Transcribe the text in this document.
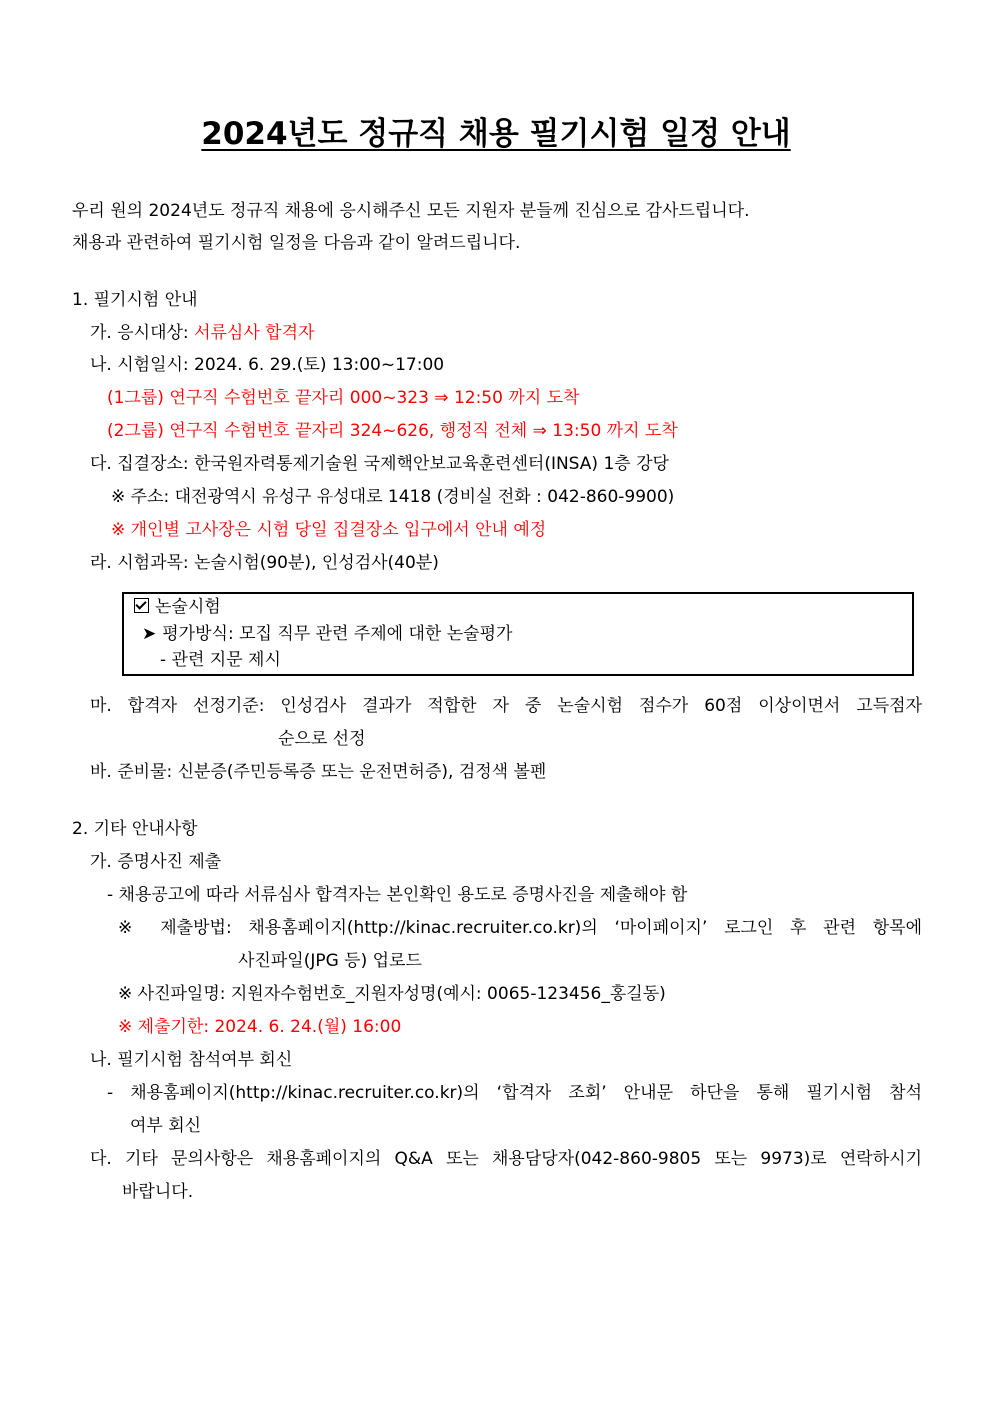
2024년도 정규직 채용 필기시험 일정 안내
우리 원의 2024년도 정규직 채용에 응시해주신 모든 지원자 분들께 진심으로 감사드립니다.
채용과 관련하여 필기시험 일정을 다음과 같이 알려드립니다.
1. 필기시험 안내
가. 응시대상: 서류심사 합격자
나. 시험일시: 2024. 6. 29.(토) 13:00~17:00
(1그룹) 연구직 수험번호 끝자리 000~323 ⇒ 12:50 까지 도착
(2그룹) 연구직 수험번호 끝자리 324~626, 행정직 전체 ⇒ 13:50 까지 도착
다. 집결장소: 한국원자력통제기술원 국제핵안보교육훈련센터(INSA) 1층 강당
※ 주소: 대전광역시 유성구 유성대로 1418 (경비실 전화 : 042-860-9900)
※ 개인별 고사장은 시험 당일 집결장소 입구에서 안내 예정
라. 시험과목: 논술시험(90분), 인성검사(40분)
논술시험
➤ 평가방식: 모집 직무 관련 주제에 대한 논술평가
- 관련 지문 제시
마. 합격자 선정기준: 인성검사 결과가 적합한 자 중 논술시험 점수가 60점 이상이면서 고득점자
순으로 선정
바. 준비물: 신분증(주민등록증 또는 운전면허증), 검정색 볼펜
2. 기타 안내사항
가. 증명사진 제출
- 채용공고에 따라 서류심사 합격자는 본인확인 용도로 증명사진을 제출해야 함
※ 제출방법: 채용홈페이지(http://kinac.recruiter.co.kr)의 ‘마이페이지’ 로그인 후 관련 항목에
사진파일(JPG 등) 업로드
※ 사진파일명: 지원자수험번호_지원자성명(예시: 0065-123456_홍길동)
※ 제출기한: 2024. 6. 24.(월) 16:00
나. 필기시험 참석여부 회신
- 채용홈페이지(http://kinac.recruiter.co.kr)의 ‘합격자 조회’ 안내문 하단을 통해 필기시험 참석
여부 회신
다. 기타 문의사항은 채용홈페이지의 Q&A 또는 채용담당자(042-860-9805 또는 9973)로 연락하시기
바랍니다.
